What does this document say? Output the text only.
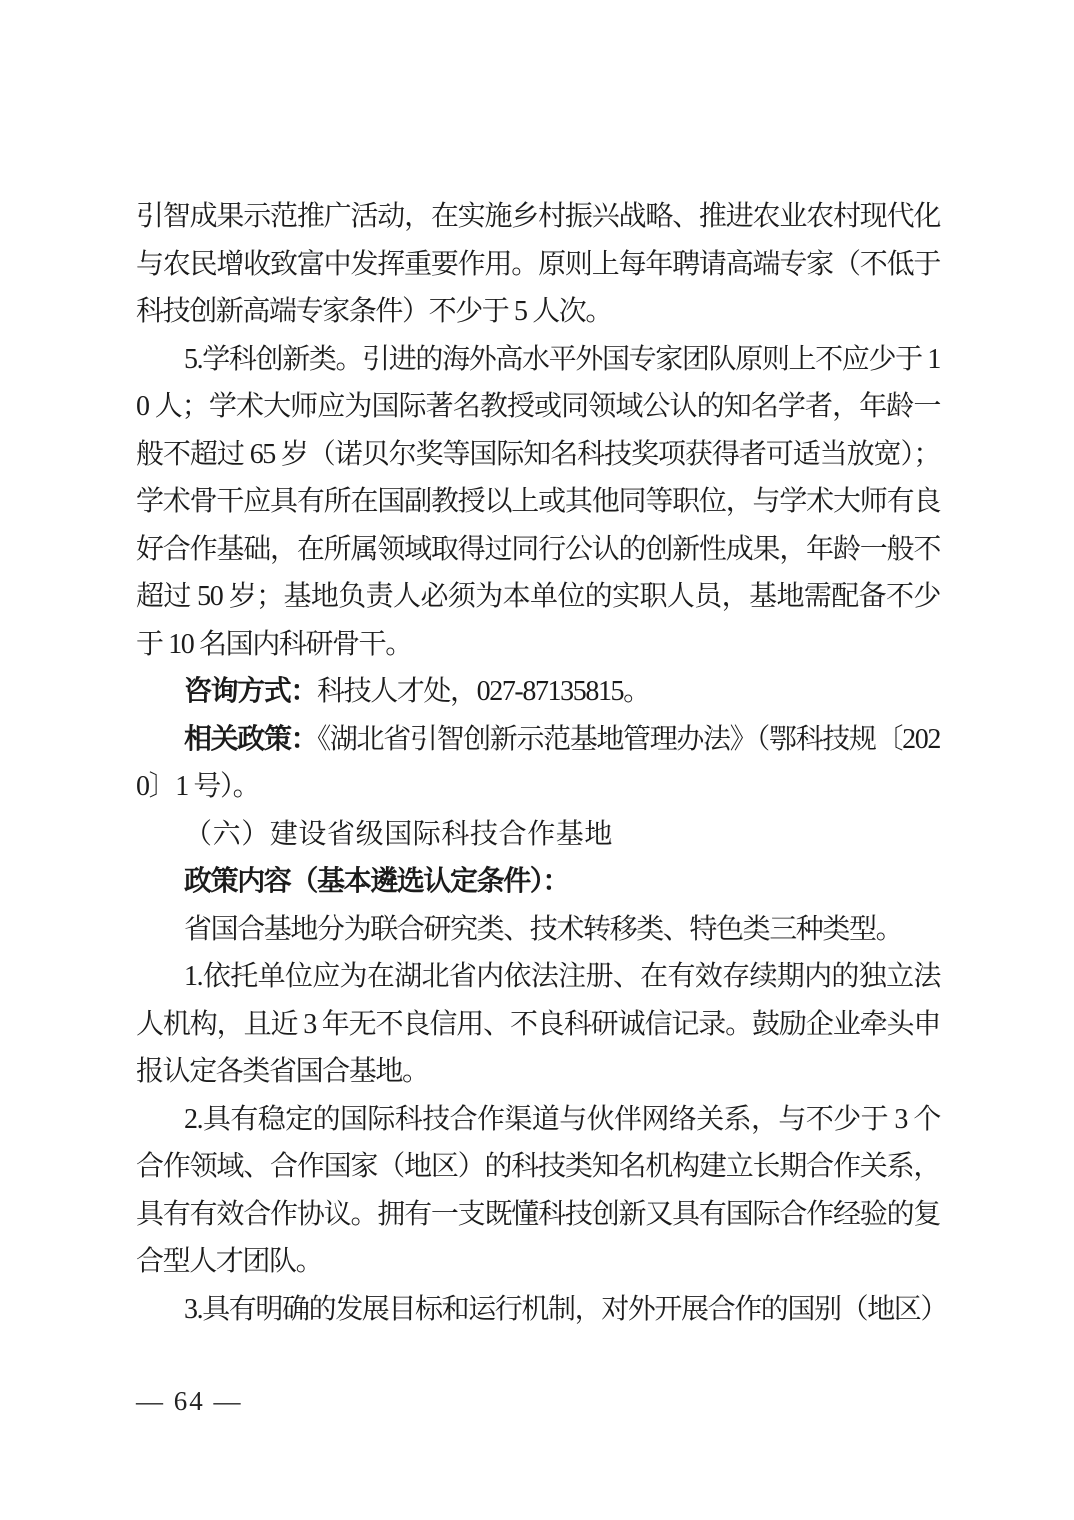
引智成果示范推广活动，在实施乡村振兴战略、推进农业农村现代化与农民增收致富中发挥重要作用。原则上每年聘请高端专家（不低于科技创新高端专家条件）不少于 5 人次。

5.学科创新类。引进的海外高水平外国专家团队原则上不应少于 10 人；学术大师应为国际著名教授或同领域公认的知名学者，年龄一般不超过 65 岁（诺贝尔奖等国际知名科技奖项获得者可适当放宽）；学术骨干应具有所在国副教授以上或其他同等职位，与学术大师有良好合作基础，在所属领域取得过同行公认的创新性成果，年龄一般不超过 50 岁；基地负责人必须为本单位的实职人员，基地需配备不少于 10 名国内科研骨干。

咨询方式：科技人才处，027-87135815。

相关政策：《湖北省引智创新示范基地管理办法》（鄂科技规〔2020〕1 号）。

（六）建设省级国际科技合作基地

政策内容（基本遴选认定条件）：

省国合基地分为联合研究类、技术转移类、特色类三种类型。

1.依托单位应为在湖北省内依法注册、在有效存续期内的独立法人机构，且近 3 年无不良信用、不良科研诚信记录。鼓励企业牵头申报认定各类省国合基地。

2.具有稳定的国际科技合作渠道与伙伴网络关系，与不少于 3 个合作领域、合作国家（地区）的科技类知名机构建立长期合作关系，具有有效合作协议。拥有一支既懂科技创新又具有国际合作经验的复合型人才团队。

3.具有明确的发展目标和运行机制，对外开展合作的国别（地区）

— 64 —
